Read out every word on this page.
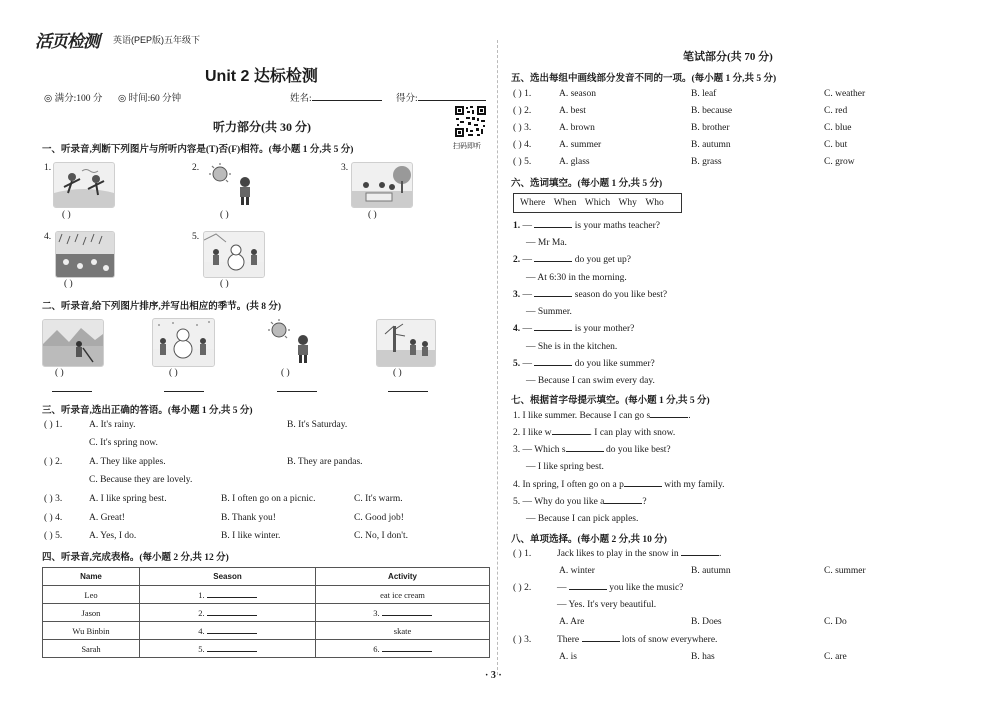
活页检测 英语(PEP版)五年级下
Unit 2 达标检测
◎ 满分:100 分 ◎ 时间:60 分钟	姓名:	得分:
扫码即听
听力部分(共 30 分)
一、听录音,判断下列图片与所听内容是(T)否(F)相符。(每小题 1 分,共 5 分)
1.
( )
2.
( )
3.
( )
4.
( )
5.
( )
二、听录音,给下列图片排序,并写出相应的季节。(共 8 分)
( )	( )	( )	( )
三、听录音,选出正确的答语。(每小题 1 分,共 5 分)
( ) 1.	A. It's rainy.	B. It's Saturday.
C. It's spring now.
( ) 2.	A. They like apples.	B. They are pandas.
C. Because they are lovely.
( ) 3.	A. I like spring best.	B. I often go on a picnic.	C. It's warm.
( ) 4.	A. Great!	B. Thank you!	C. Good job!
( ) 5.	A. Yes, I do.	B. I like winter.	C. No, I don't.
四、听录音,完成表格。(每小题 2 分,共 12 分)
Name	Season	Activity
Leo	1.	eat ice cream
Jason	2.	3.
Wu Binbin	4.	skate
Sarah	5.	6.
笔试部分(共 70 分)
五、选出每组中画线部分发音不同的一项。(每小题 1 分,共 5 分)
( ) 1.	A. season	B. leaf	C. weather
( ) 2.	A. best	B. because	C. red
( ) 3.	A. brown	B. brother	C. blue
( ) 4.	A. summer	B. autumn	C. but
( ) 5.	A. glass	B. grass	C. grow
六、选词填空。(每小题 1 分,共 5 分)
Where When Which Why Who
1. —	is your maths teacher?
— Mr Ma.
2. —	do you get up?
— At 6:30 in the morning.
3. —	season do you like best?
— Summer.
4. —	is your mother?
— She is in the kitchen.
5. —	do you like summer?
— Because I can swim every day.
七、根据首字母提示填空。(每小题 1 分,共 5 分)
1. I like summer. Because I can go s	.
2. I like w	. I can play with snow.
3. — Which s	do you like best?
— I like spring best.
4. In spring, I often go on a p	with my family.
5. — Why do you like a	?
— Because I can pick apples.
八、单项选择。(每小题 2 分,共 10 分)
( ) 1.	Jack likes to play in the snow in	.
A. winter	B. autumn	C. summer
( ) 2.	—	you like the music?
— Yes. It's very beautiful.
A. Are	B. Does	C. Do
( ) 3.	There	lots of snow everywhere.
A. is	B. has	C. are
· 3 ·
